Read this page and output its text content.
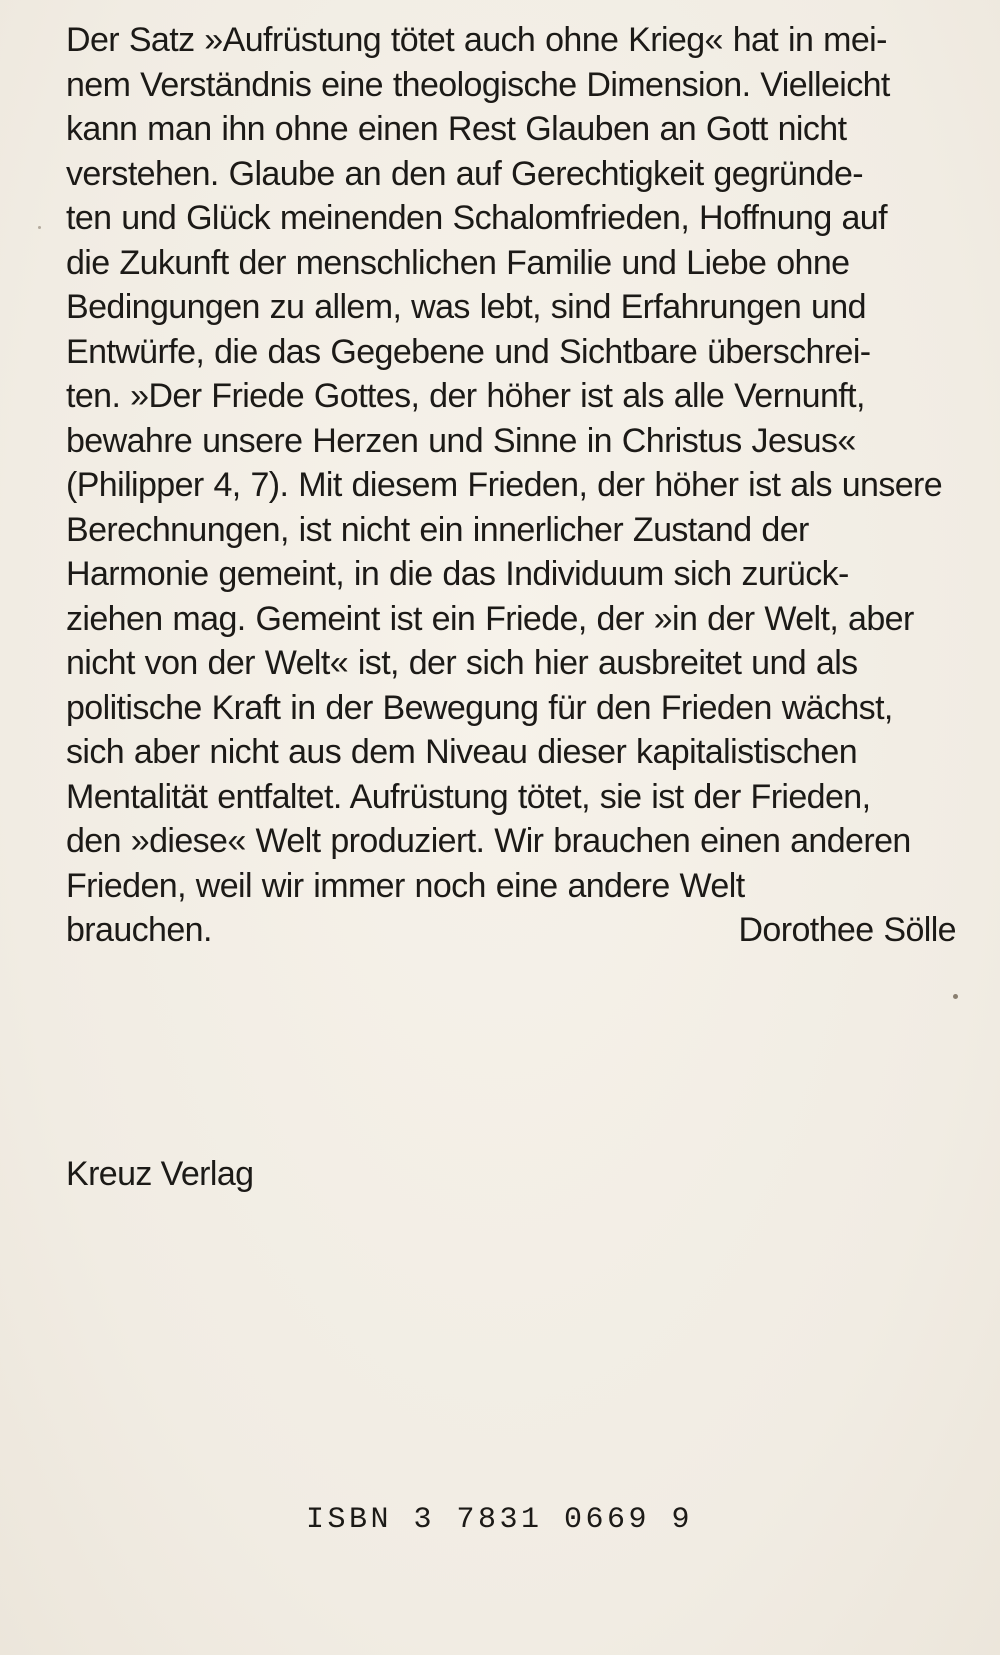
Der Satz »Aufrüstung tötet auch ohne Krieg« hat in mei-
nem Verständnis eine theologische Dimension. Vielleicht
kann man ihn ohne einen Rest Glauben an Gott nicht
verstehen. Glaube an den auf Gerechtigkeit gegründe-
ten und Glück meinenden Schalomfrieden, Hoffnung auf
die Zukunft der menschlichen Familie und Liebe ohne
Bedingungen zu allem, was lebt, sind Erfahrungen und
Entwürfe, die das Gegebene und Sichtbare überschrei-
ten. »Der Friede Gottes, der höher ist als alle Vernunft,
bewahre unsere Herzen und Sinne in Christus Jesus«
(Philipper 4, 7). Mit diesem Frieden, der höher ist als unsere
Berechnungen, ist nicht ein innerlicher Zustand der
Harmonie gemeint, in die das Individuum sich zurück-
ziehen mag. Gemeint ist ein Friede, der »in der Welt, aber
nicht von der Welt« ist, der sich hier ausbreitet und als
politische Kraft in der Bewegung für den Frieden wächst,
sich aber nicht aus dem Niveau dieser kapitalistischen
Mentalität entfaltet. Aufrüstung tötet, sie ist der Frieden,
den »diese« Welt produziert. Wir brauchen einen anderen
Frieden, weil wir immer noch eine andere Welt
brauchen.	Dorothee Sölle
Kreuz Verlag
ISBN 3 7831 0669 9
